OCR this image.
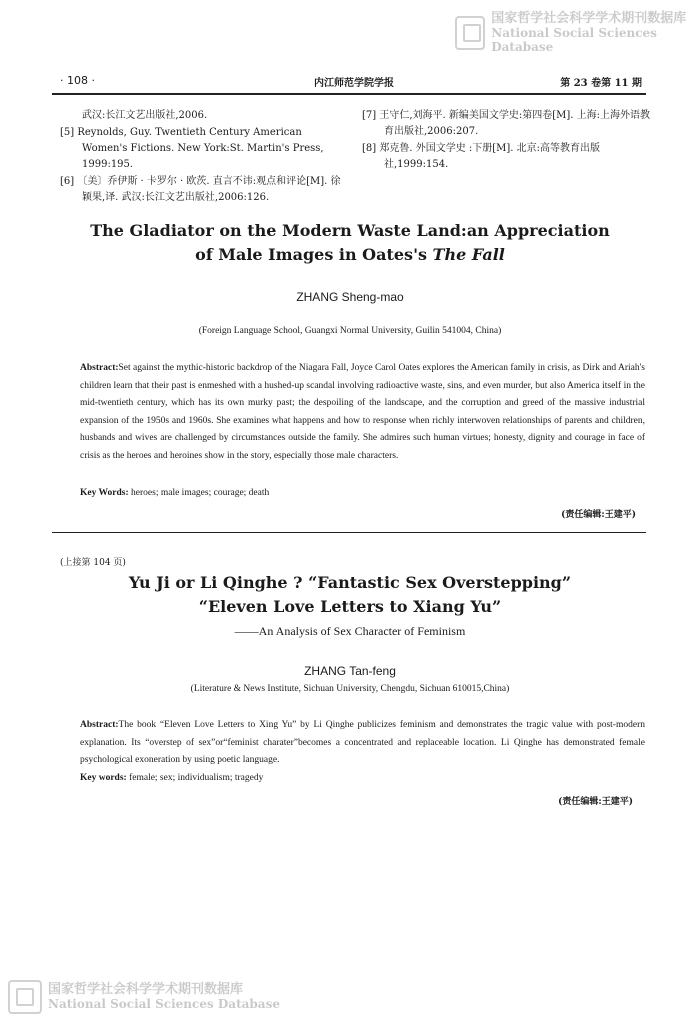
国家哲学社会科学学术期刊数据库
National Social Sciences Database
· 108 ·	内江师范学院学报	第 23 卷第 11 期

武汉:长江文艺出版社,2006.

[5] Reynolds, Guy. Twentieth Century American Women's Fictions. New York:St. Martin's Press, 1999:195.

[6] 〔美〕乔伊斯 · 卡罗尔 · 欧茨. 直言不讳:观点和评论[M]. 徐颖果,译. 武汉:长江文艺出版社,2006:126.

[7] 王守仁,刘海平. 新编美国文学史:第四卷[M]. 上海:上海外语教育出版社,2006:207.

[8] 郑克鲁. 外国文学史 :下册[M]. 北京:高等教育出版社,1999:154.

The Gladiator on the Modern Waste Land:an Appreciation
of Male Images in Oates's The Fall
ZHANG Sheng-mao
(Foreign Language School, Guangxi Normal University, Guilin 541004, China)

Abstract:Set against the mythic-historic backdrop of the Niagara Fall, Joyce Carol Oates explores the American family in crisis, as Dirk and Ariah's children learn that their past is enmeshed with a hushed-up scandal involving radioactive waste, sins, and even murder, but also America itself in the mid-twentieth century, which has its own murky past; the despoiling of the landscape, and the corruption and greed of the massive industrial expansion of the 1950s and 1960s. She examines what happens and how to response when richly interwoven relationships of parents and children, husbands and wives are challenged by circumstances outside the family. She admires such human virtues; honesty, dignity and courage in face of crisis as the heroes and heroines show in the story, especially those male characters.

Key Words: heroes; male images; courage; death
(责任编辑:王建平)
(上接第 104 页)
Yu Ji or Li Qinghe ? “Fantastic Sex Overstepping”
“Eleven Love Letters to Xiang Yu”
——An Analysis of Sex Character of Feminism
ZHANG Tan-feng
(Literature & News Institute, Sichuan University, Chengdu, Sichuan 610015,China)

Abstract:The book “Eleven Love Letters to Xing Yu” by Li Qinghe publicizes feminism and demonstrates the tragic value with post-modern explanation. Its “overstep of sex”or“feminist charater”becomes a concentrated and replaceable location. Li Qinghe has demonstrated female psychological exoneration by using poetic language.

Key words: female; sex; individualism; tragedy
(责任编辑:王建平)
国家哲学社会科学学术期刊数据库
National Social Sciences Database
